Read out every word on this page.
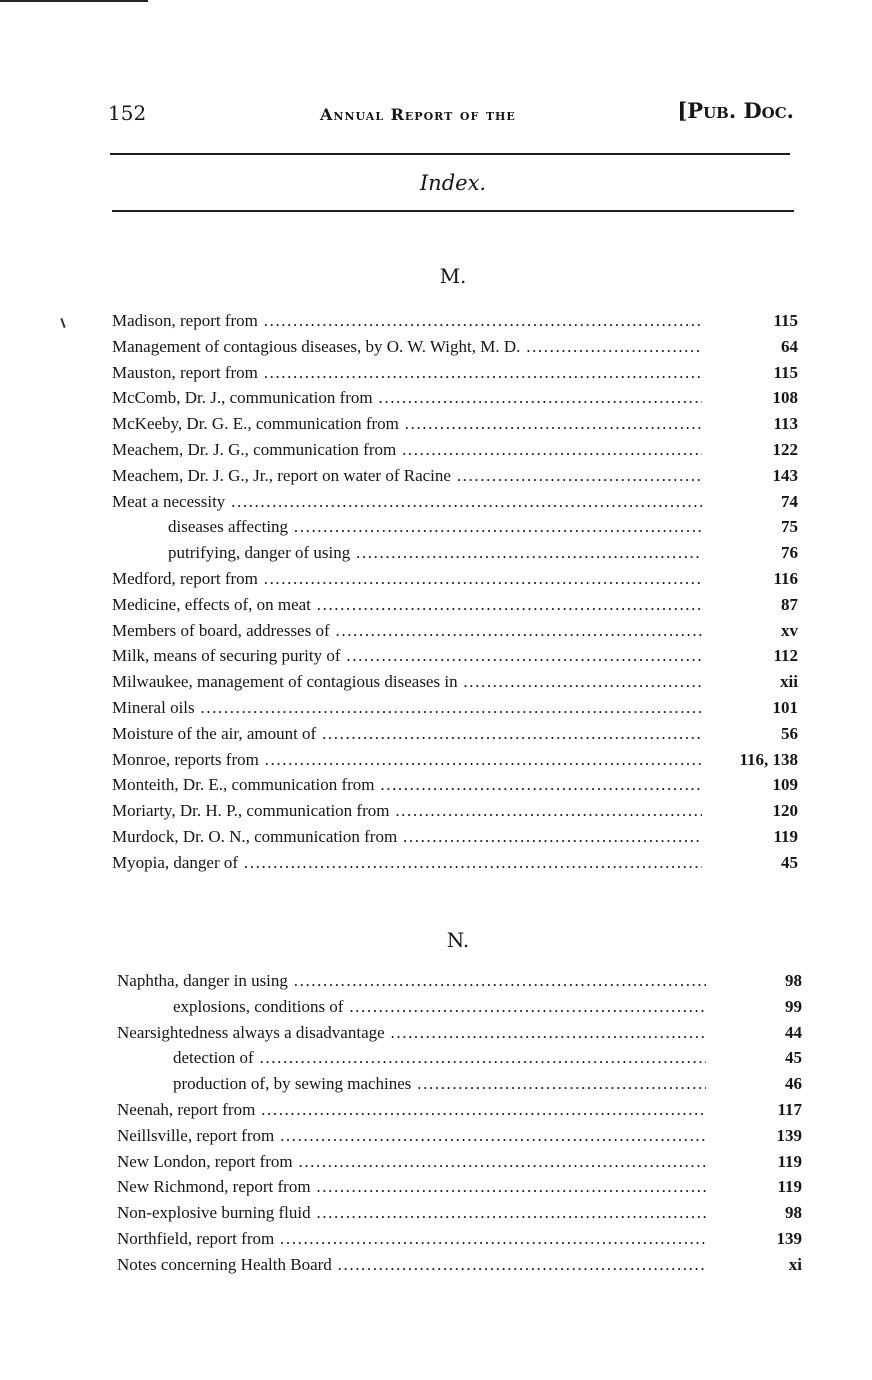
152	Annual Report of the	[Pub. Doc.
Index.
M.
Madison, report from .....	115
Management of contagious diseases, by O. W. Wight, M. D. .....	64
Mauston, report from .....	115
McComb, Dr. J., communication from .....	108
McKeeby, Dr. G. E., communication from .....	113
Meachem, Dr. J. G., communication from .....	122
Meachem, Dr. J. G., Jr., report on water of Racine .....	143
Meat a necessity .....	74
diseases affecting .....	75
putrifying, danger of using .....	76
Medford, report from .....	116
Medicine, effects of, on meat .....	87
Members of board, addresses of .....	xv
Milk, means of securing purity of .....	112
Milwaukee, management of contagious diseases in .....	xii
Mineral oils .....	101
Moisture of the air, amount of .....	56
Monroe, reports from .....	116, 138
Monteith, Dr. E., communication from .....	109
Moriarty, Dr. H. P., communication from .....	120
Murdock, Dr. O. N., communication from .....	119
Myopia, danger of .....	45
N.
Naphtha, danger in using .....	98
explosions, conditions of .....	99
Nearsightedness always a disadvantage .....	44
detection of .....	45
production of, by sewing machines .....	46
Neenah, report from .....	117
Neillsville, report from .....	139
New London, report from .....	119
New Richmond, report from .....	119
Non-explosive burning fluid .....	98
Northfield, report from .....	139
Notes concerning Health Board .....	xi
